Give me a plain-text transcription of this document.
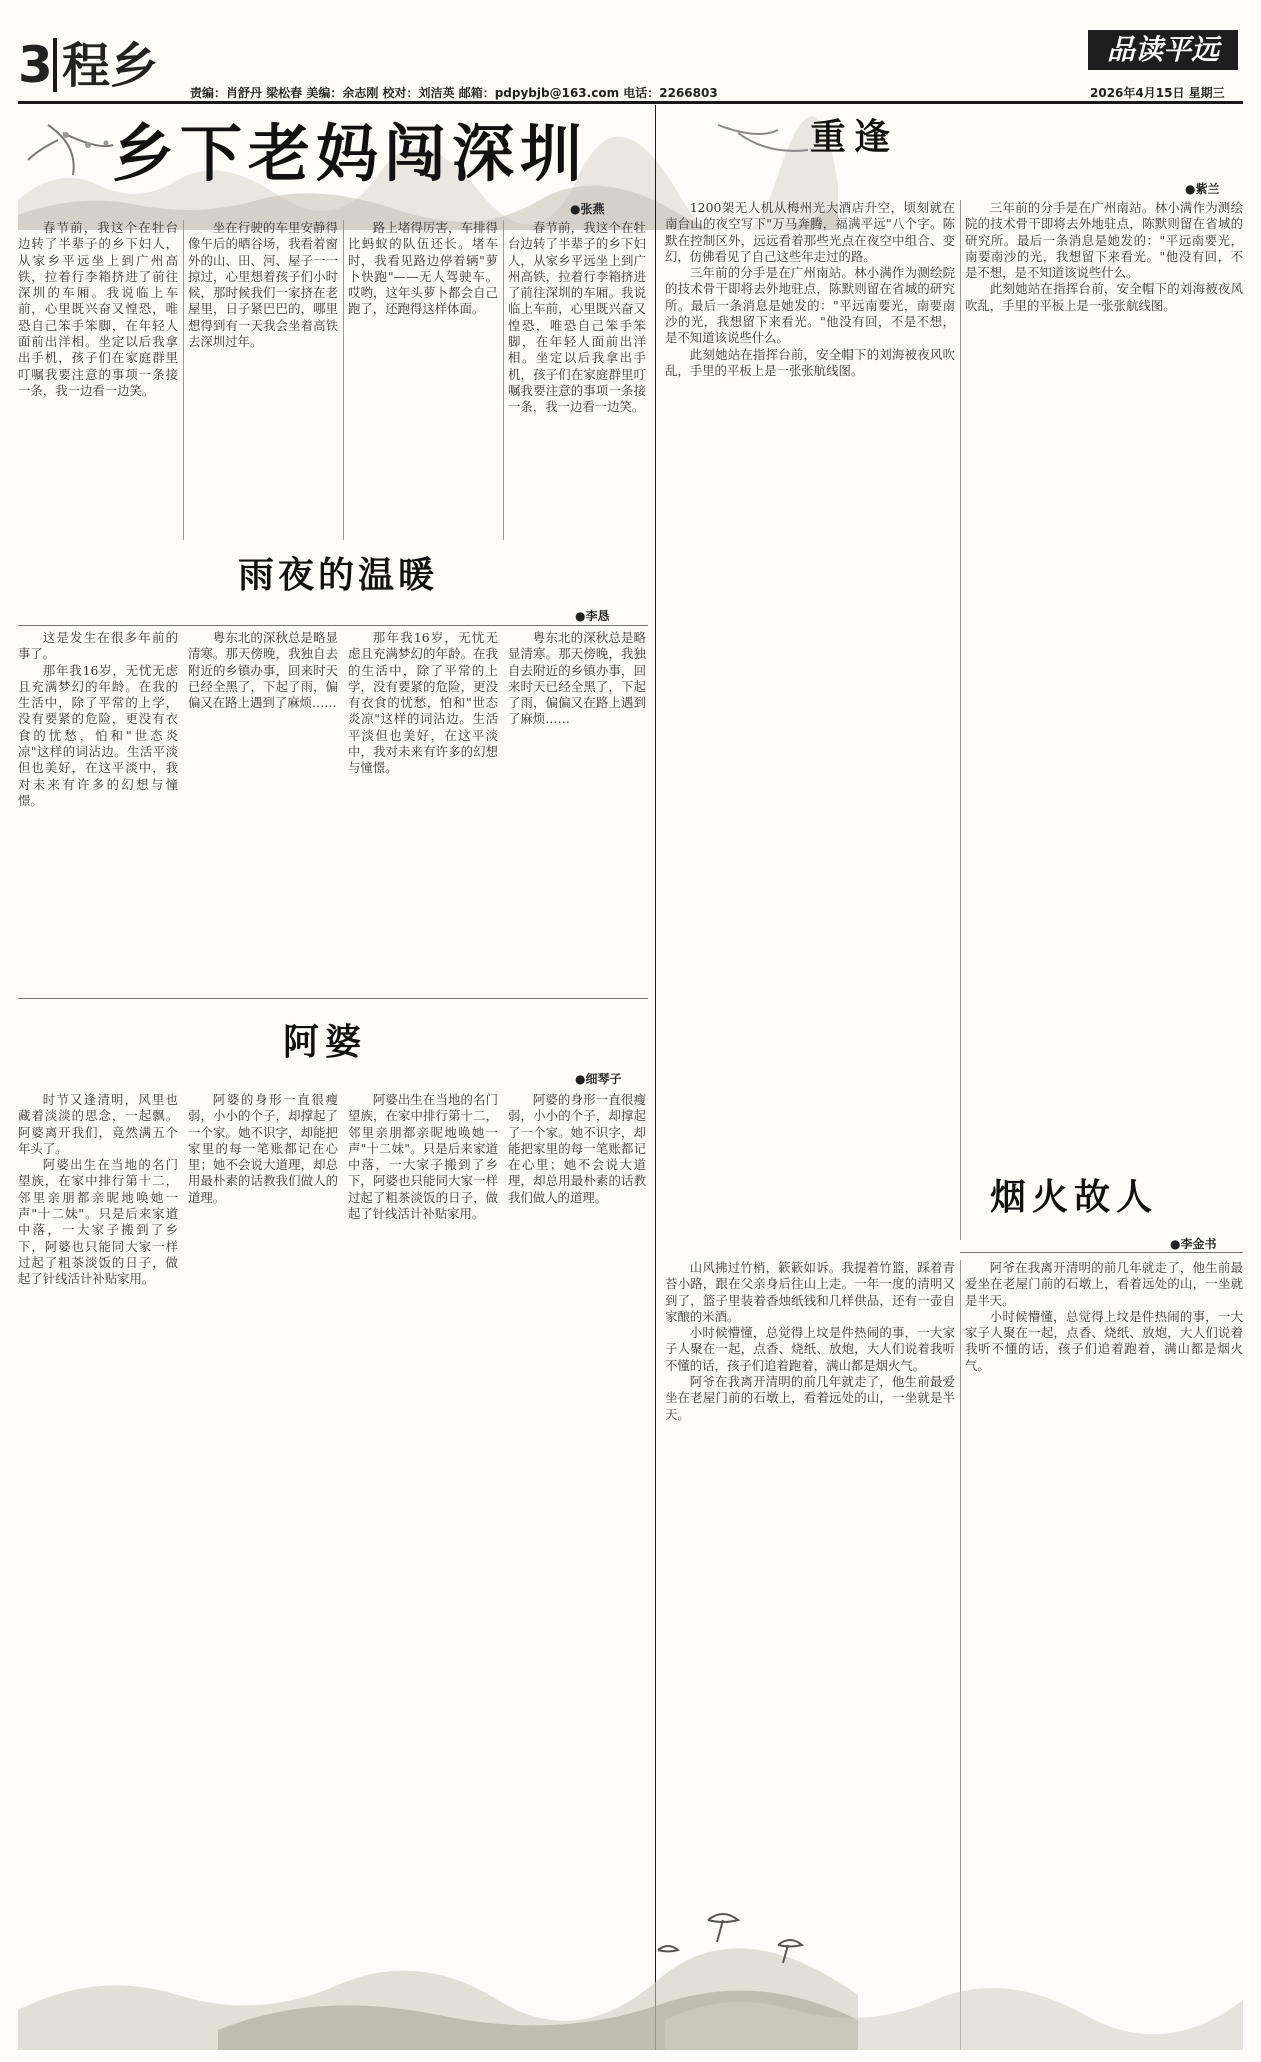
3 程乡	责编：肖舒丹 梁松春 美编：余志刚 校对：刘洁英 邮箱：pdpybjb@163.com 电话：2266803
品读平远
2026年4月15日 星期三
乡下老妈闯深圳
●张燕

春节前，我这个在牡台边转了半辈子的乡下妇人，从家乡平远坐上到广州高铁，拉着行李箱挤进了前往深圳的车厢。我说临上车前，心里既兴奋又惶恐，唯恐自己笨手笨脚，在年轻人面前出洋相。坐定以后我拿出手机，孩子们在家庭群里叮嘱我要注意的事项一条接一条，我一边看一边笑。

坐在行驶的车里安静得像午后的晒谷场，我看着窗外的山、田、河、屋子一一掠过，心里想着孩子们小时候，那时候我们一家挤在老屋里，日子紧巴巴的，哪里想得到有一天我会坐着高铁去深圳过年。

路上堵得厉害，车排得比蚂蚁的队伍还长。堵车时，我看见路边停着辆"萝卜快跑"——无人驾驶车。哎哟，这年头萝卜都会自己跑了，还跑得这样体面。

春节前，我这个在牡台边转了半辈子的乡下妇人，从家乡平远坐上到广州高铁，拉着行李箱挤进了前往深圳的车厢。我说临上车前，心里既兴奋又惶恐，唯恐自己笨手笨脚，在年轻人面前出洋相。坐定以后我拿出手机，孩子们在家庭群里叮嘱我要注意的事项一条接一条，我一边看一边笑。

雨夜的温暖
●李恳

这是发生在很多年前的事了。

那年我16岁，无忧无虑且充满梦幻的年龄。在我的生活中，除了平常的上学，没有要紧的危险，更没有衣食的忧愁，怕和"世态炎凉"这样的词沾边。生活平淡但也美好，在这平淡中，我对未来有许多的幻想与憧憬。

粤东北的深秋总是略显清寒。那天傍晚，我独自去附近的乡镇办事，回来时天已经全黑了，下起了雨，偏偏又在路上遇到了麻烦……

那年我16岁，无忧无虑且充满梦幻的年龄。在我的生活中，除了平常的上学，没有要紧的危险，更没有衣食的忧愁，怕和"世态炎凉"这样的词沾边。生活平淡但也美好，在这平淡中，我对未来有许多的幻想与憧憬。

粤东北的深秋总是略显清寒。那天傍晚，我独自去附近的乡镇办事，回来时天已经全黑了，下起了雨，偏偏又在路上遇到了麻烦……

阿婆
●细琴子

时节又逢清明，风里也藏着淡淡的思念，一起飘。阿婆离开我们，竟然满五个年头了。

阿婆出生在当地的名门望族，在家中排行第十二，邻里亲朋都亲昵地唤她一声"十二妹"。只是后来家道中落，一大家子搬到了乡下，阿婆也只能同大家一样过起了粗茶淡饭的日子，做起了针线活计补贴家用。

阿婆的身形一直很瘦弱，小小的个子，却撑起了一个家。她不识字，却能把家里的每一笔账都记在心里；她不会说大道理，却总用最朴素的话教我们做人的道理。

阿婆出生在当地的名门望族，在家中排行第十二，邻里亲朋都亲昵地唤她一声"十二妹"。只是后来家道中落，一大家子搬到了乡下，阿婆也只能同大家一样过起了粗茶淡饭的日子，做起了针线活计补贴家用。

阿婆的身形一直很瘦弱，小小的个子，却撑起了一个家。她不识字，却能把家里的每一笔账都记在心里；她不会说大道理，却总用最朴素的话教我们做人的道理。

重逢
●紫兰

1200架无人机从梅州光大酒店升空，顷刻就在南台山的夜空写下"万马奔腾，福满平远"八个字。陈默在控制区外，远远看着那些光点在夜空中组合、变幻，仿佛看见了自己这些年走过的路。

三年前的分手是在广州南站。林小满作为测绘院的技术骨干即将去外地驻点，陈默则留在省城的研究所。最后一条消息是她发的："平远南要光，南要南沙的光，我想留下来看光。"他没有回，不是不想，是不知道该说些什么。

此刻她站在指挥台前，安全帽下的刘海被夜风吹乱，手里的平板上是一张张航线图。

三年前的分手是在广州南站。林小满作为测绘院的技术骨干即将去外地驻点，陈默则留在省城的研究所。最后一条消息是她发的："平远南要光，南要南沙的光，我想留下来看光。"他没有回，不是不想，是不知道该说些什么。

此刻她站在指挥台前，安全帽下的刘海被夜风吹乱，手里的平板上是一张张航线图。

烟火故人
●李金书

山风拂过竹梢，簌簌如诉。我提着竹篮，踩着青苔小路，跟在父亲身后往山上走。一年一度的清明又到了，篮子里装着香烛纸钱和几样供品，还有一壶自家酿的米酒。

小时候懵懂，总觉得上坟是件热闹的事，一大家子人聚在一起，点香、烧纸、放炮，大人们说着我听不懂的话，孩子们追着跑着，满山都是烟火气。

阿爷在我离开清明的前几年就走了，他生前最爱坐在老屋门前的石墩上，看着远处的山，一坐就是半天。

阿爷在我离开清明的前几年就走了，他生前最爱坐在老屋门前的石墩上，看着远处的山，一坐就是半天。

小时候懵懂，总觉得上坟是件热闹的事，一大家子人聚在一起，点香、烧纸、放炮，大人们说着我听不懂的话，孩子们追着跑着，满山都是烟火气。
